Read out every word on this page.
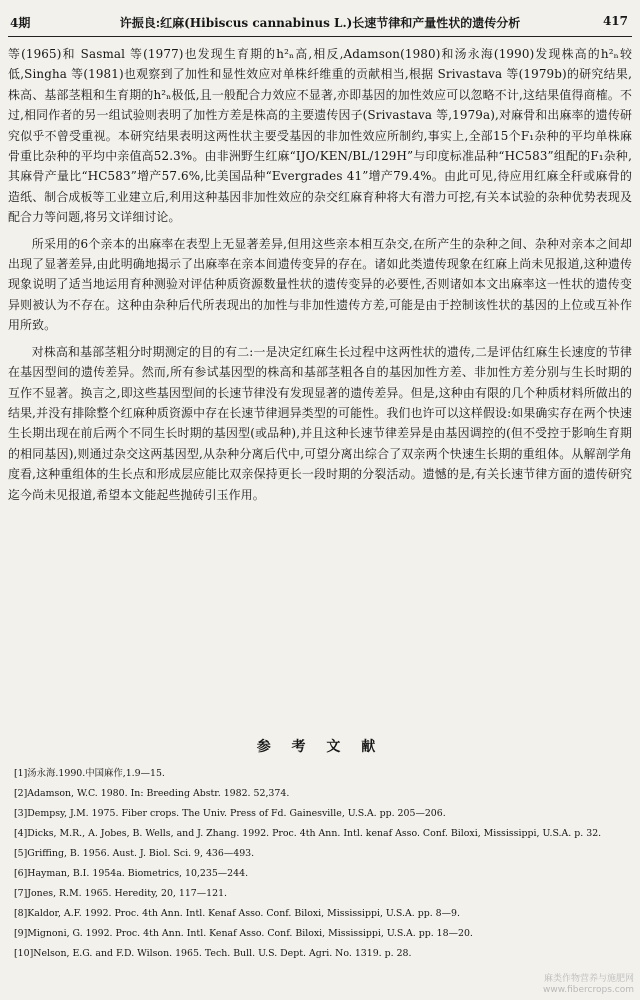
4期	许振良:红麻(Hibiscus cannabinus L.)长速节律和产量性状的遗传分析	417

等(1965)和 Sasmal 等(1977)也发现生育期的h²ₙ高,相反,Adamson(1980)和汤永海(1990)发现株高的h²ₙ较低,Singha 等(1981)也观察到了加性和显性效应对单株纤维重的贡献相当,根据 Srivastava 等(1979b)的研究结果,株高、基部茎粗和生育期的h²ₙ极低,且一般配合力效应不显著,亦即基因的加性效应可以忽略不计,这结果值得商榷。不过,相同作者的另一组试验则表明了加性方差是株高的主要遗传因子(Srivastava 等,1979a),对麻骨和出麻率的遗传研究似乎不曾受重视。本研究结果表明这两性状主要受基因的非加性效应所制约,事实上,全部15个F₁杂种的平均单株麻骨重比杂种的平均中亲值高52.3%。由非洲野生红麻“IJO/KEN/BL/129H”与印度标准品种“HC583”组配的F₁杂种,其麻骨产量比“HC583”增产57.6%,比美国品种“Evergrades 41”增产79.4%。由此可见,待应用红麻全秆或麻骨的造纸、制合成板等工业建立后,利用这种基因非加性效应的杂交红麻育种将大有潜力可挖,有关本试验的杂种优势表现及配合力等问题,将另文详细讨论。

所采用的6个亲本的出麻率在表型上无显著差异,但用这些亲本相互杂交,在所产生的杂种之间、杂种对亲本之间却出现了显著差异,由此明确地揭示了出麻率在亲本间遗传变异的存在。诸如此类遗传现象在红麻上尚未见报道,这种遗传现象说明了适当地运用育种测验对评估种质资源数量性状的遗传变异的必要性,否则诸如本文出麻率这一性状的遗传变异则被认为不存在。这种由杂种后代所表现出的加性与非加性遗传方差,可能是由于控制该性状的基因的上位或互补作用所致。

对株高和基部茎粗分时期测定的目的有二:一是决定红麻生长过程中这两性状的遗传,二是评估红麻生长速度的节律在基因型间的遗传差异。然而,所有参试基因型的株高和基部茎粗各自的基因加性方差、非加性方差分别与生长时期的互作不显著。换言之,即这些基因型间的长速节律没有发现显著的遗传差异。但是,这种由有限的几个种质材料所做出的结果,并没有排除整个红麻种质资源中存在长速节律迥异类型的可能性。我们也许可以这样假设:如果确实存在两个快速生长期出现在前后两个不同生长时期的基因型(或品种),并且这种长速节律差异是由基因调控的(但不受控于影响生育期的相同基因),则通过杂交这两基因型,从杂种分离后代中,可望分离出综合了双亲两个快速生长期的重组体。从解剖学角度看,这种重组体的生长点和形成层应能比双亲保持更长一段时期的分裂活动。遗憾的是,有关长速节律方面的遗传研究迄今尚未见报道,希望本文能起些抛砖引玉作用。

参 考 文 献

[1]汤永海.1990.中国麻作,1.9—15.

[2]Adamson, W.C. 1980. In: Breeding Abstr. 1982. 52,374.

[3]Dempsy, J.M. 1975. Fiber crops. The Univ. Press of Fd. Gainesville, U.S.A. pp. 205—206.

[4]Dicks, M.R., A. Jobes, B. Wells, and J. Zhang. 1992. Proc. 4th Ann. Intl. kenaf Asso. Conf. Biloxi, Mississippi, U.S.A. p. 32.

[5]Griffing, B. 1956. Aust. J. Biol. Sci. 9, 436—493.

[6]Hayman, B.I. 1954a. Biometrics, 10,235—244.

[7]Jones, R.M. 1965. Heredity, 20, 117—121.

[8]Kaldor, A.F. 1992. Proc. 4th Ann. Intl. Kenaf Asso. Conf. Biloxi, Mississippi, U.S.A. pp. 8—9.

[9]Mignoni, G. 1992. Proc. 4th Ann. Intl. Kenaf Asso. Conf. Biloxi, Mississippi, U.S.A. pp. 18—20.

[10]Nelson, E.G. and F.D. Wilson. 1965. Tech. Bull. U.S. Dept. Agri. No. 1319. p. 28.

麻类作物营养与施肥网
www.fibercrops.com
